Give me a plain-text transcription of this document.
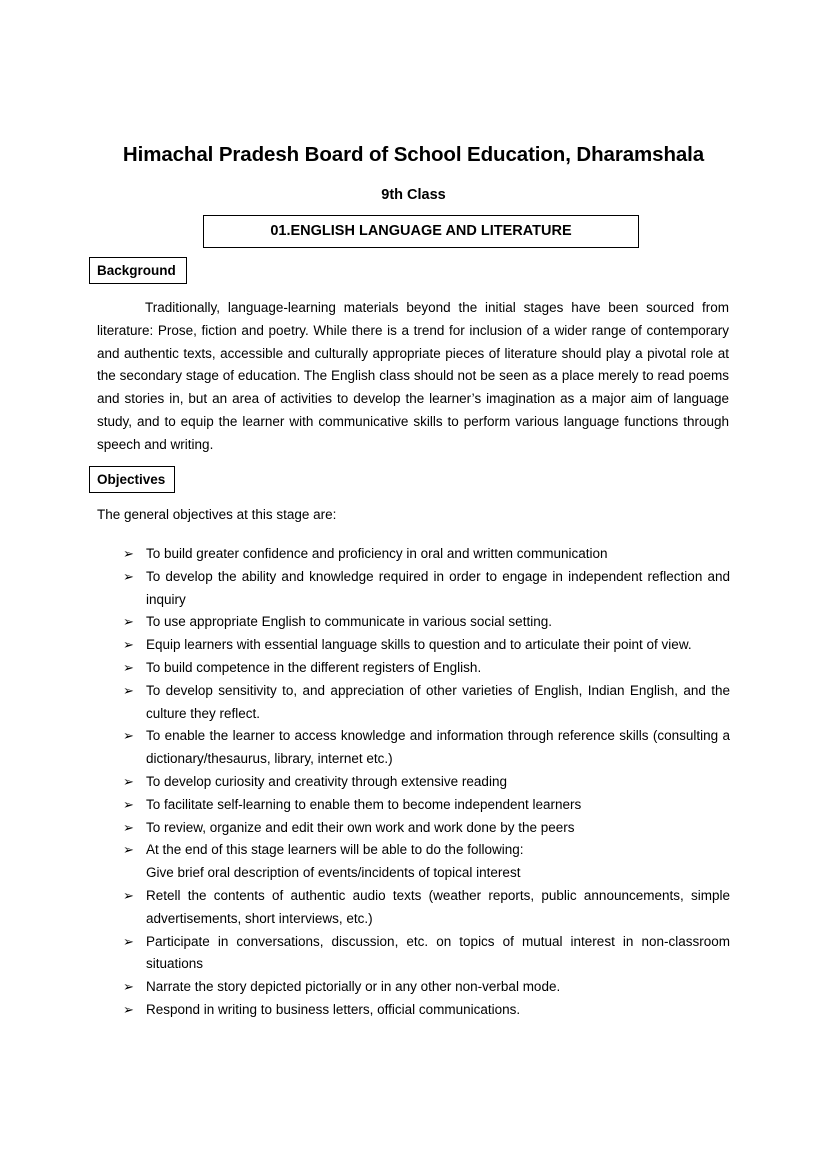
Himachal Pradesh Board of School Education, Dharamshala
9th Class
01.ENGLISH LANGUAGE AND LITERATURE
Background

Traditionally, language-learning materials beyond the initial stages have been sourced from literature: Prose, fiction and poetry. While there is a trend for inclusion of a wider range of contemporary and authentic texts, accessible and culturally appropriate pieces of literature should play a pivotal role at the secondary stage of education. The English class should not be seen as a place merely to read poems and stories in, but an area of activities to develop the learner’s imagination as a major aim of language study, and to equip the learner with communicative skills to perform various language functions through speech and writing.

Objectives

The general objectives at this stage are:

➢ To build greater confidence and proficiency in oral and written communication
➢ To develop the ability and knowledge required in order to engage in independent reflection and inquiry
➢ To use appropriate English to communicate in various social setting.
➢ Equip learners with essential language skills to question and to articulate their point of view.
➢ To build competence in the different registers of English.
➢ To develop sensitivity to, and appreciation of other varieties of English, Indian English, and the culture they reflect.
➢ To enable the learner to access knowledge and information through reference skills (consulting a dictionary/thesaurus, library, internet etc.)
➢ To develop curiosity and creativity through extensive reading
➢ To facilitate self-learning to enable them to become independent learners
➢ To review, organize and edit their own work and work done by the peers
➢ At the end of this stage learners will be able to do the following:
Give brief oral description of events/incidents of topical interest
➢ Retell the contents of authentic audio texts (weather reports, public announcements, simple advertisements, short interviews, etc.)
➢ Participate in conversations, discussion, etc. on topics of mutual interest in non-classroom situations
➢ Narrate the story depicted pictorially or in any other non-verbal mode.
➢ Respond in writing to business letters, official communications.
